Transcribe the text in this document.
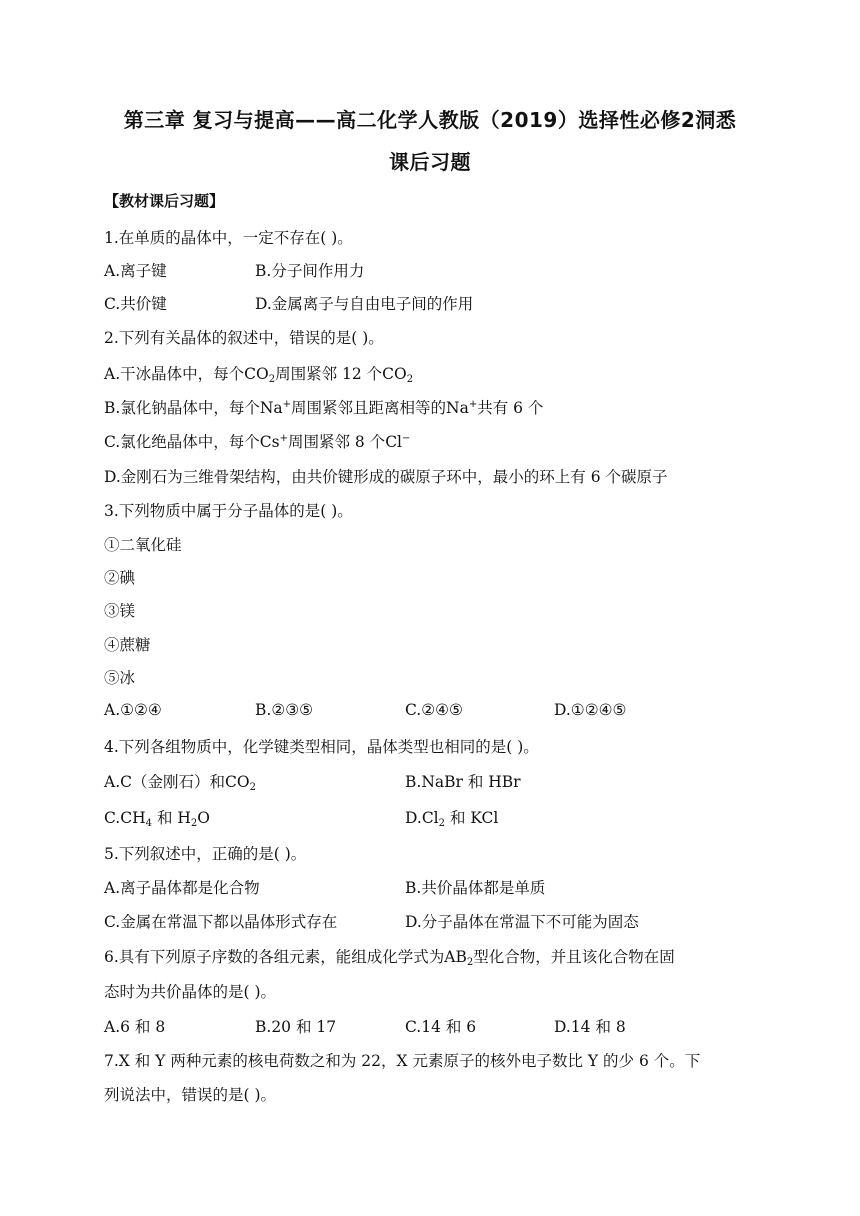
第三章 复习与提高——高二化学人教版（2019）选择性必修2洞悉
课后习题
【教材课后习题】
1.在单质的晶体中，一定不存在( )。
A.离子键	B.分子间作用力
C.共价键	D.金属离子与自由电子间的作用
2.下列有关晶体的叙述中，错误的是( )。
A.干冰晶体中，每个$CO_2$周围紧邻 12 个$CO_2$
B.氯化钠晶体中，每个Na+周围紧邻且距离相等的Na+共有 6 个
C.氯化绝晶体中，每个Cs+周围紧邻 8 个Cl−
D.金刚石为三维骨架结构，由共价键形成的碳原子环中，最小的环上有 6 个碳原子
3.下列物质中属于分子晶体的是( )。
①二氧化硅
②碘
③镁
④蔗糖
⑤冰
A.①②④	B.②③⑤	C.②④⑤	D.①②④⑤
4.下列各组物质中，化学键类型相同，晶体类型也相同的是( )。
A.C（金刚石）和$CO_2$	B.NaBr 和 HBr
$C.CH_4$ 和 $H_2O$	$D.Cl_2$ 和 KCl
5.下列叙述中，正确的是( )。
A.离子晶体都是化合物	B.共价晶体都是单质
C.金属在常温下都以晶体形式存在	D.分子晶体在常温下不可能为固态
6.具有下列原子序数的各组元素，能组成化学式为$AB_2$型化合物，并且该化合物在固
态时为共价晶体的是( )。
A.6 和 8	B.20 和 17	C.14 和 6	D.14 和 8
7.X 和 Y 两种元素的核电荷数之和为 22，X 元素原子的核外电子数比 Y 的少 6 个。下
列说法中，错误的是( )。
